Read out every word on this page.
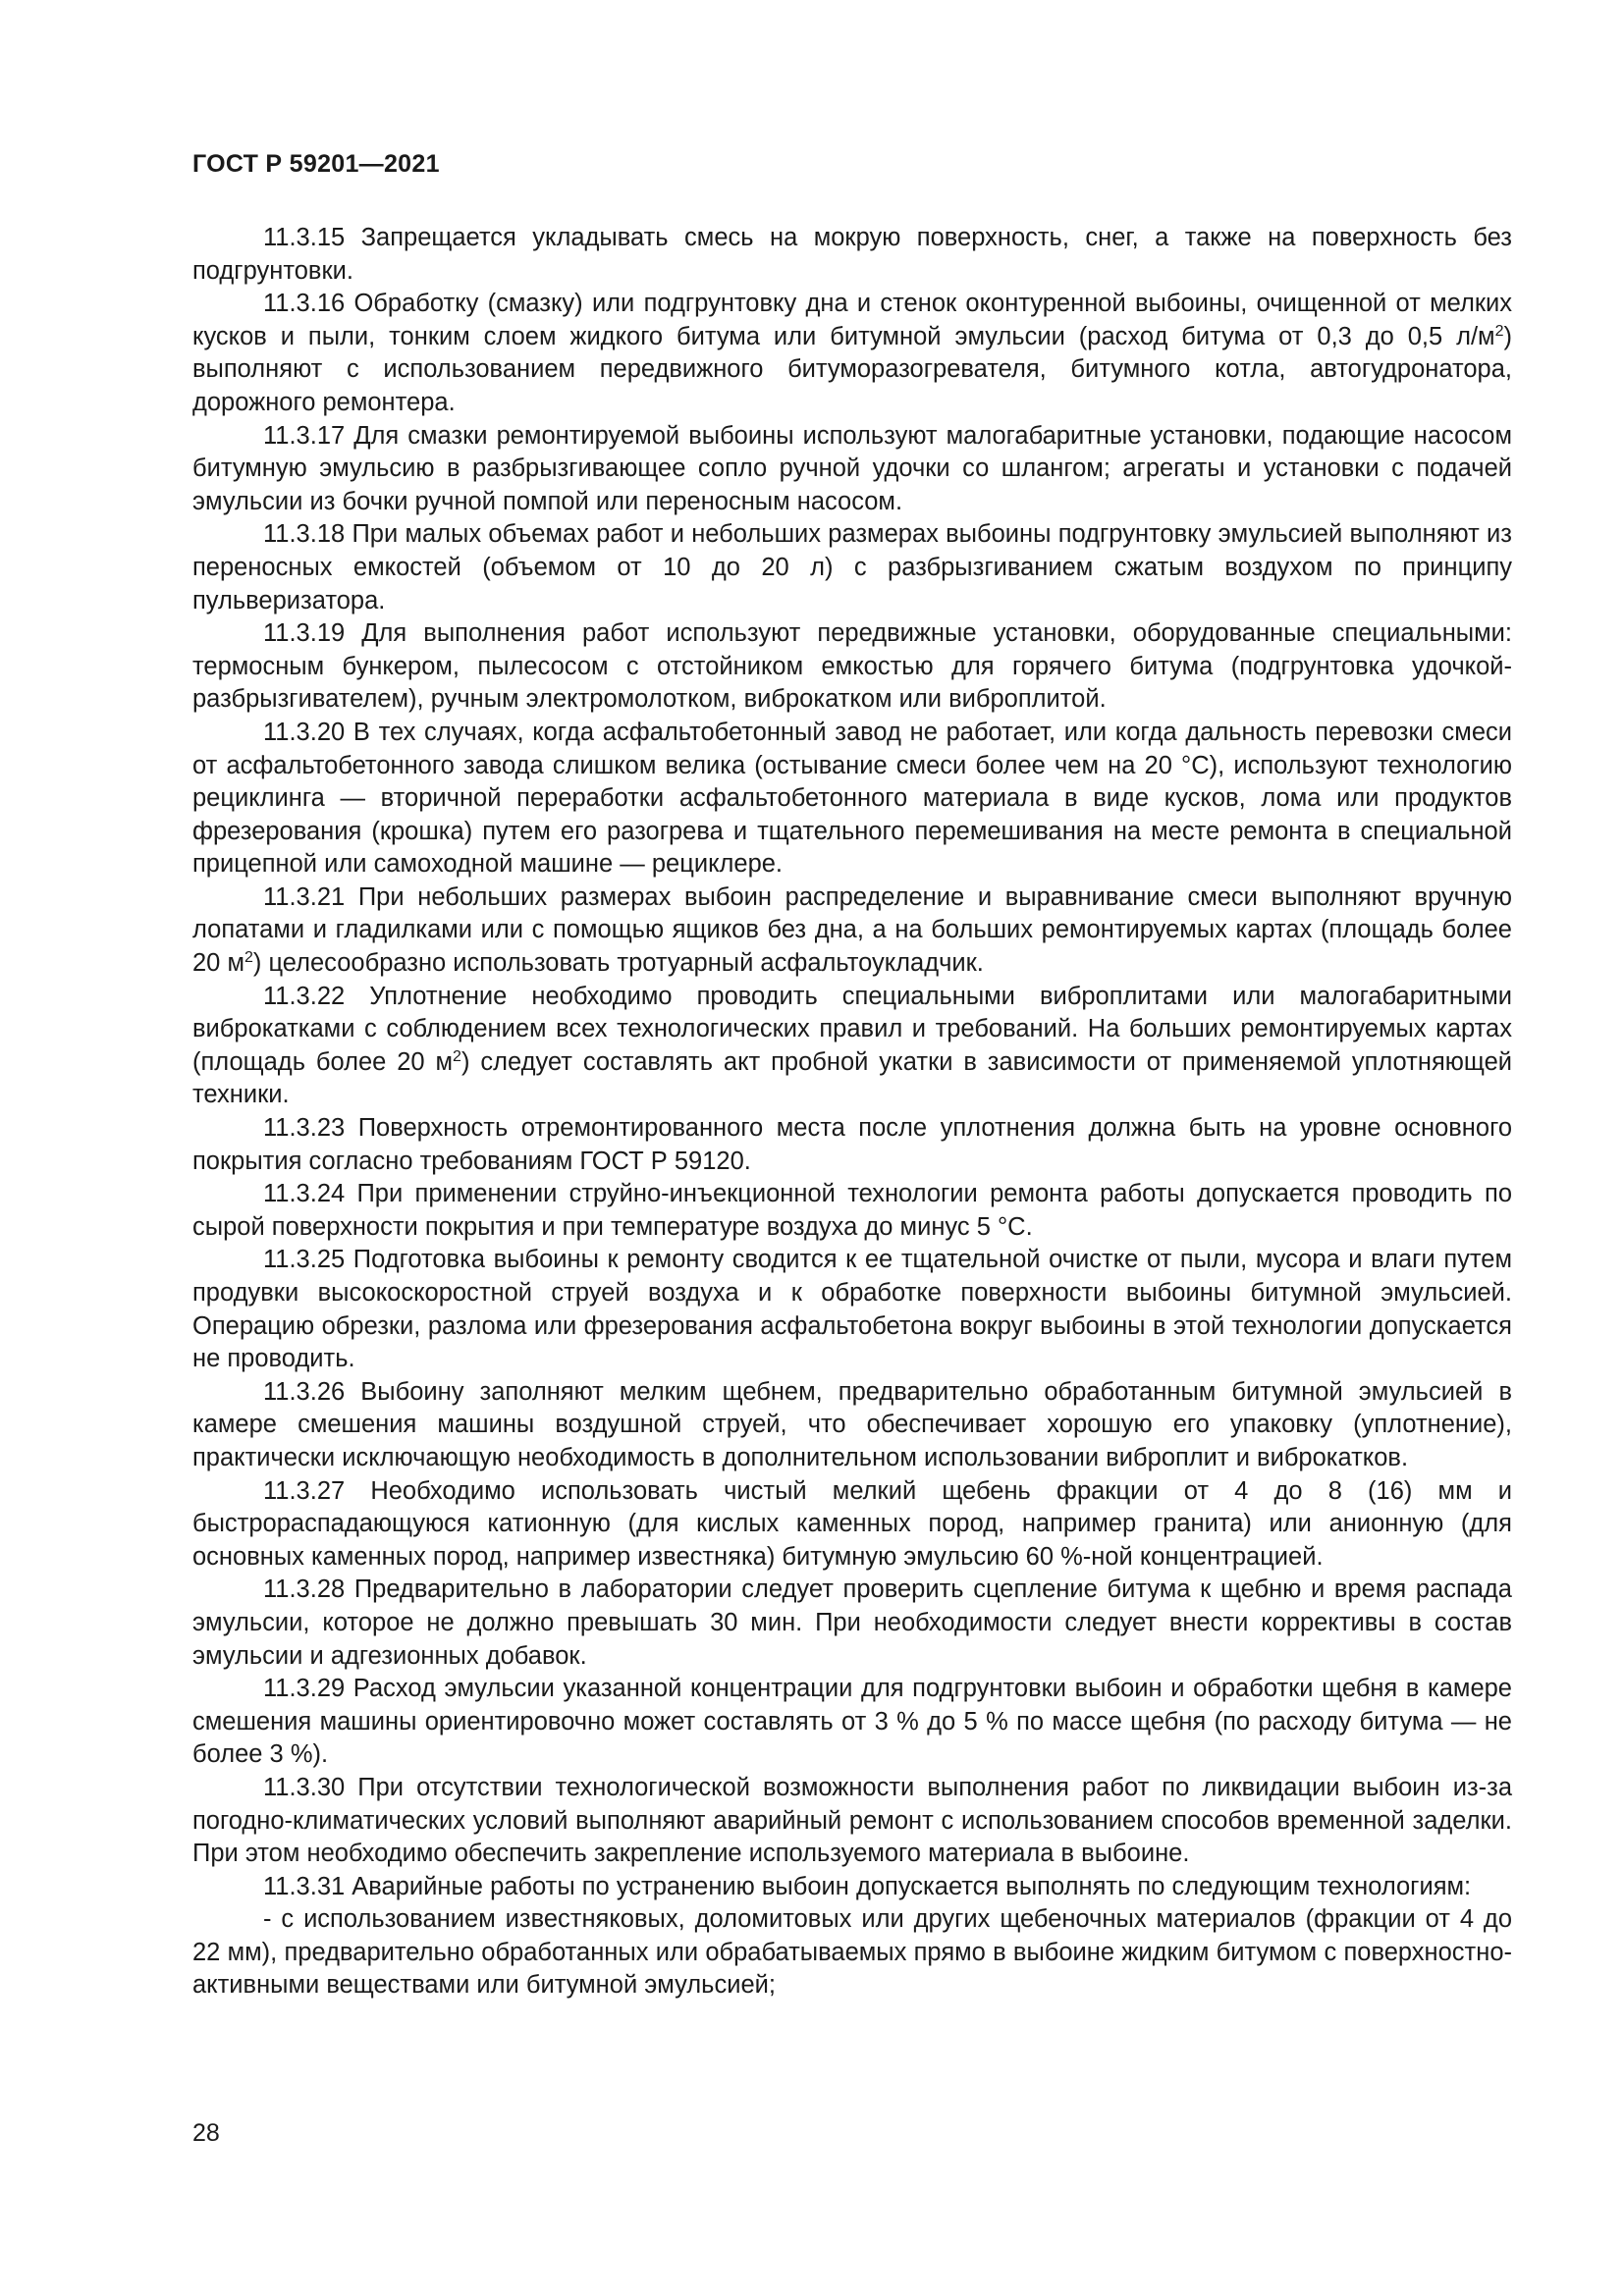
ГОСТ Р 59201—2021

11.3.15 Запрещается укладывать смесь на мокрую поверхность, снег, а также на поверхность без подгрунтовки.

11.3.16 Обработку (смазку) или подгрунтовку дна и стенок оконтуренной выбоины, очищенной от мелких кусков и пыли, тонким слоем жидкого битума или битумной эмульсии (расход битума от 0,3 до 0,5 $л/м^2$) выполняют с использованием передвижного битуморазогревателя, битумного котла, автогудронатора, дорожного ремонтера.

11.3.17 Для смазки ремонтируемой выбоины используют малогабаритные установки, подающие насосом битумную эмульсию в разбрызгивающее сопло ручной удочки со шлангом; агрегаты и установки с подачей эмульсии из бочки ручной помпой или переносным насосом.

11.3.18 При малых объемах работ и небольших размерах выбоины подгрунтовку эмульсией выполняют из переносных емкостей (объемом от 10 до 20 л) с разбрызгиванием сжатым воздухом по принципу пульверизатора.

11.3.19 Для выполнения работ используют передвижные установки, оборудованные специальными: термосным бункером, пылесосом с отстойником емкостью для горячего битума (подгрунтовка удочкой-разбрызгивателем), ручным электромолотком, виброкатком или виброплитой.

11.3.20 В тех случаях, когда асфальтобетонный завод не работает, или когда дальность перевозки смеси от асфальтобетонного завода слишком велика (остывание смеси более чем на 20 °С), используют технологию рециклинга — вторичной переработки асфальтобетонного материала в виде кусков, лома или продуктов фрезерования (крошка) путем его разогрева и тщательного перемешивания на месте ремонта в специальной прицепной или самоходной машине — рециклере.

11.3.21 При небольших размерах выбоин распределение и выравнивание смеси выполняют вручную лопатами и гладилками или с помощью ящиков без дна, а на больших ремонтируемых картах (площадь более 20 $м^2$) целесообразно использовать тротуарный асфальтоукладчик.

11.3.22 Уплотнение необходимо проводить специальными виброплитами или малогабаритными виброкатками с соблюдением всех технологических правил и требований. На больших ремонтируемых картах (площадь более 20 $м^2$) следует составлять акт пробной укатки в зависимости от применяемой уплотняющей техники.

11.3.23 Поверхность отремонтированного места после уплотнения должна быть на уровне основного покрытия согласно требованиям ГОСТ Р 59120.

11.3.24 При применении струйно-инъекционной технологии ремонта работы допускается проводить по сырой поверхности покрытия и при температуре воздуха до минус 5 °С.

11.3.25 Подготовка выбоины к ремонту сводится к ее тщательной очистке от пыли, мусора и влаги путем продувки высокоскоростной струей воздуха и к обработке поверхности выбоины битумной эмульсией. Операцию обрезки, разлома или фрезерования асфальтобетона вокруг выбоины в этой технологии допускается не проводить.

11.3.26 Выбоину заполняют мелким щебнем, предварительно обработанным битумной эмульсией в камере смешения машины воздушной струей, что обеспечивает хорошую его упаковку (уплотнение), практически исключающую необходимость в дополнительном использовании виброплит и виброкатков.

11.3.27 Необходимо использовать чистый мелкий щебень фракции от 4 до 8 (16) мм и быстрораспадающуюся катионную (для кислых каменных пород, например гранита) или анионную (для основных каменных пород, например известняка) битумную эмульсию 60 %-ной концентрацией.

11.3.28 Предварительно в лаборатории следует проверить сцепление битума к щебню и время распада эмульсии, которое не должно превышать 30 мин. При необходимости следует внести коррективы в состав эмульсии и адгезионных добавок.

11.3.29 Расход эмульсии указанной концентрации для подгрунтовки выбоин и обработки щебня в камере смешения машины ориентировочно может составлять от 3 % до 5 % по массе щебня (по расходу битума — не более 3 %).

11.3.30 При отсутствии технологической возможности выполнения работ по ликвидации выбоин из-за погодно-климатических условий выполняют аварийный ремонт с использованием способов временной заделки. При этом необходимо обеспечить закрепление используемого материала в выбоине.

11.3.31 Аварийные работы по устранению выбоин допускается выполнять по следующим технологиям:

- с использованием известняковых, доломитовых или других щебеночных материалов (фракции от 4 до 22 мм), предварительно обработанных или обрабатываемых прямо в выбоине жидким битумом с поверхностно-активными веществами или битумной эмульсией;

28
